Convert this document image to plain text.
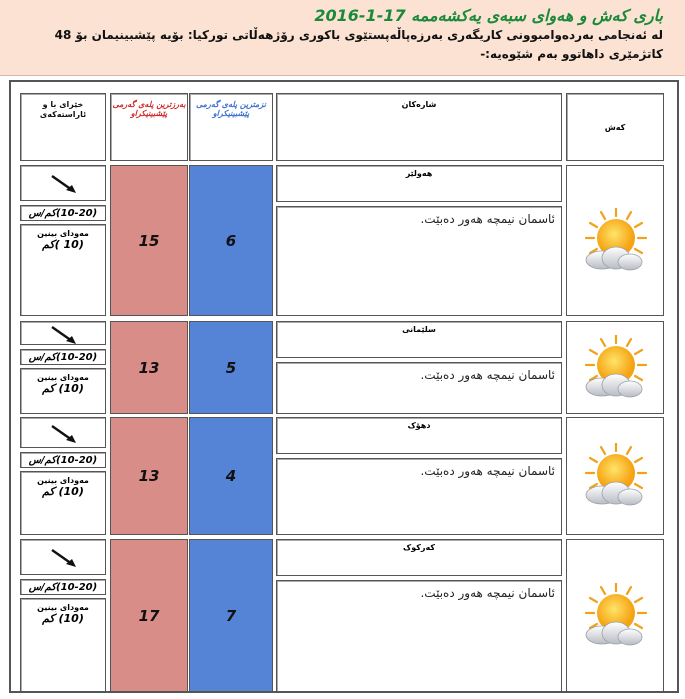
باری کەش و هەوای سبەی یەکشەممە 17-1-2016
لە ئەنجامی بەردەوامبوونی کاریگەری بەرزەپاڵەپستێوی باکوری رۆژهەڵاتی تورکیا: بۆیە پێشبینیمان بۆ 48 کاتژمێری داهاتوو بەم شێوەیە:-
کەش
شارەکان
نزمترین پلەی گەرمی پێشبینیکراو
بەرزترین پلەی گەرمی پێشبینیکراو
خێرای با و ئاراستەکەی
هەولێر
ئاسمان نیمچە هەور دەبێت.
6
15
(10-20)کم/س
مەودای بینین
(10 )کم
سلێمانی
ئاسمان نیمچە هەور دەبێت.
5
13
(10-20)کم/س
مەودای بینین
(10) کم
دهۆک
ئاسمان نیمچە هەور دەبێت.
4
13
(10-20)کم/س
مەودای بینین
(10) کم
کەرکوک
ئاسمان نیمچە هەور دەبێت.
7
17
(10-20)کم/س
مەودای بینین
(10) کم
